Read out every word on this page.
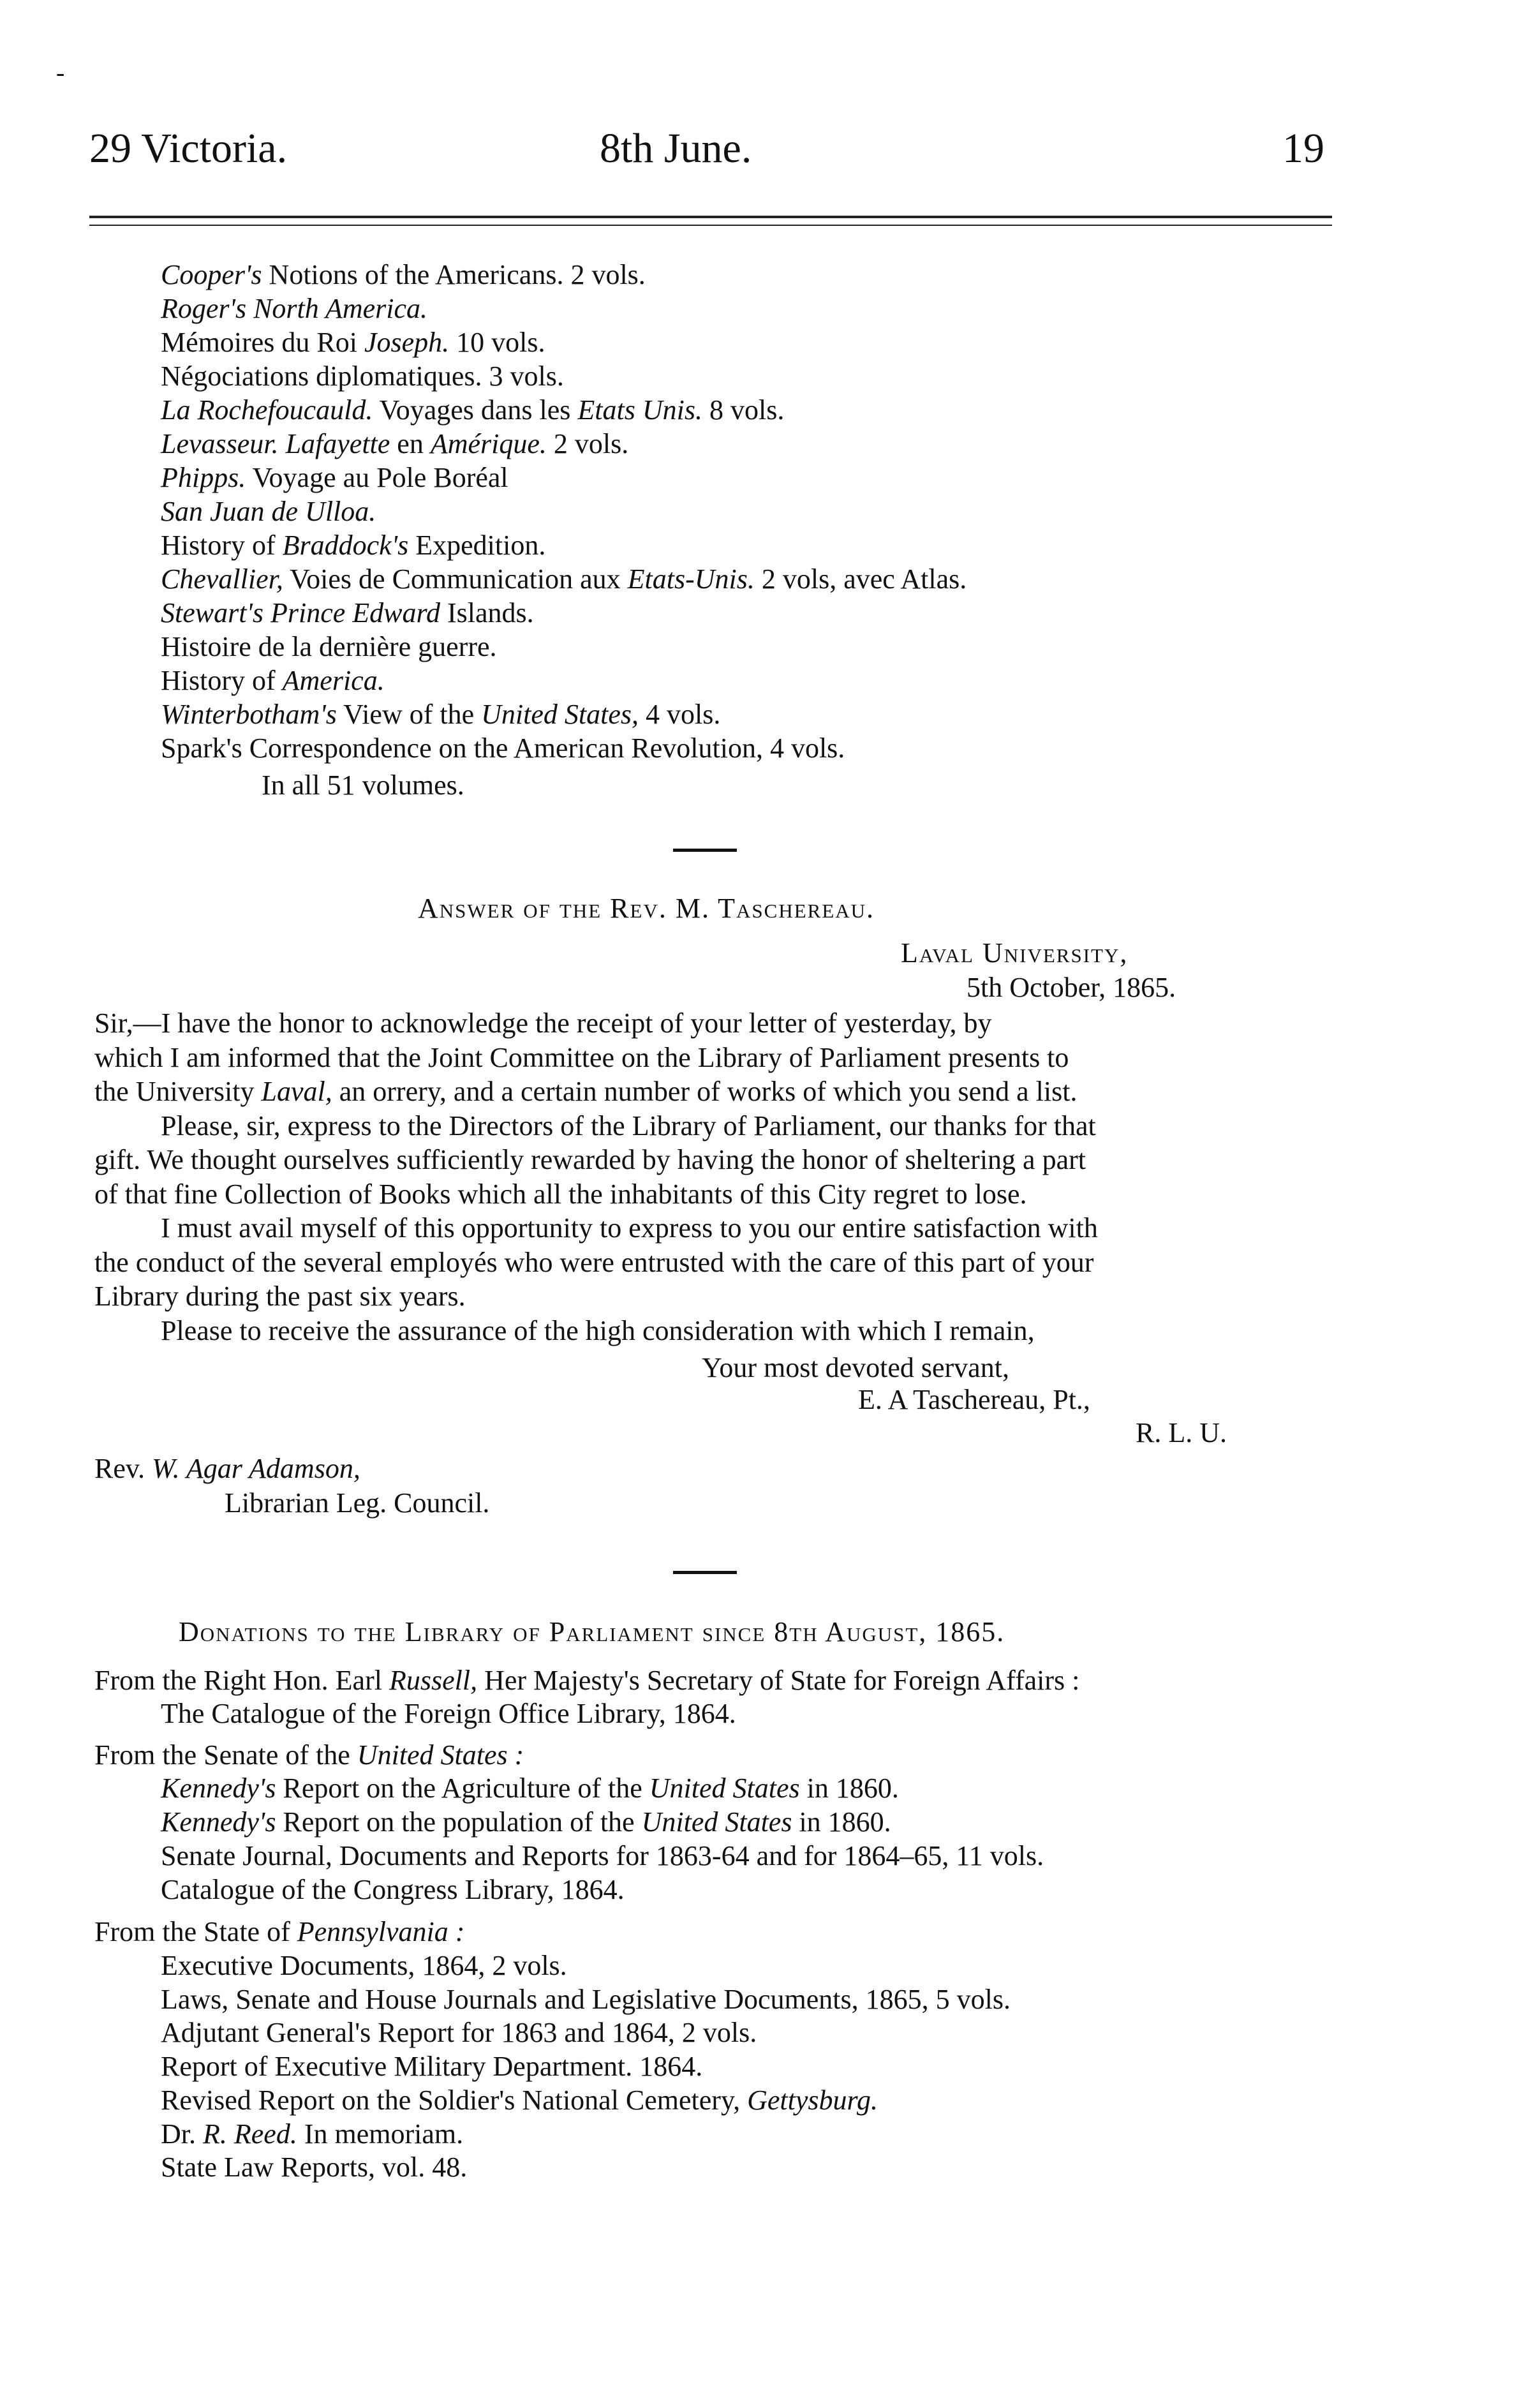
29 Victoria.	8th June.	19
Cooper's Notions of the Americans. 2 vols.
Roger's North America.
Mémoires du Roi Joseph. 10 vols.
Négociations diplomatiques. 3 vols.
La Rochefoucauld. Voyages dans les Etats Unis. 8 vols.
Levasseur. Lafayette en Amérique. 2 vols.
Phipps. Voyage au Pole Boréal
San Juan de Ulloa.
History of Braddock's Expedition.
Chevallier, Voies de Communication aux Etats-Unis. 2 vols, avec Atlas.
Stewart's Prince Edward Islands.
Histoire de la dernière guerre.
History of America.
Winterbotham's View of the United States, 4 vols.
Spark's Correspondence on the American Revolution, 4 vols.
In all 51 volumes.
Answer of the Rev. M. Taschereau.
Laval University,
5th October, 1865.
Sir,—I have the honor to acknowledge the receipt of your letter of yesterday, by
which I am informed that the Joint Committee on the Library of Parliament presents to
the University Laval, an orrery, and a certain number of works of which you send a list.
Please, sir, express to the Directors of the Library of Parliament, our thanks for that
gift. We thought ourselves sufficiently rewarded by having the honor of sheltering a part
of that fine Collection of Books which all the inhabitants of this City regret to lose.
I must avail myself of this opportunity to express to you our entire satisfaction with
the conduct of the several employés who were entrusted with the care of this part of your
Library during the past six years.
Please to receive the assurance of the high consideration with which I remain,
Your most devoted servant,
E. A Taschereau, Pt.,
R. L. U.
Rev. W. Agar Adamson,
Librarian Leg. Council.
Donations to the Library of Parliament since 8th August, 1865.
From the Right Hon. Earl Russell, Her Majesty's Secretary of State for Foreign Affairs :
The Catalogue of the Foreign Office Library, 1864.
From the Senate of the United States :
Kennedy's Report on the Agriculture of the United States in 1860.
Kennedy's Report on the population of the United States in 1860.
Senate Journal, Documents and Reports for 1863-64 and for 1864–65, 11 vols.
Catalogue of the Congress Library, 1864.
From the State of Pennsylvania :
Executive Documents, 1864, 2 vols.
Laws, Senate and House Journals and Legislative Documents, 1865, 5 vols.
Adjutant General's Report for 1863 and 1864, 2 vols.
Report of Executive Military Department. 1864.
Revised Report on the Soldier's National Cemetery, Gettysburg.
Dr. R. Reed. In memoriam.
State Law Reports, vol. 48.
-
